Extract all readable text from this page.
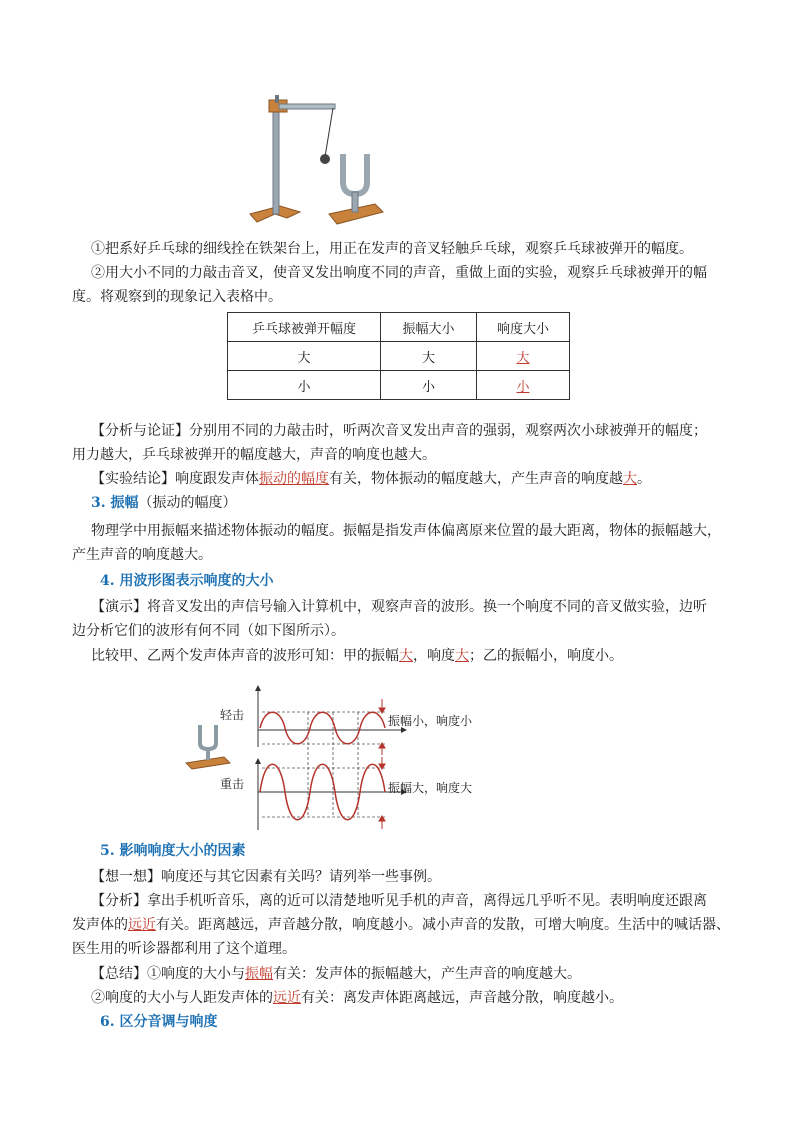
①把系好乒乓球的细线拴在铁架台上，用正在发声的音叉轻触乒乓球，观察乒乓球被弹开的幅度。
②用大小不同的力敲击音叉，使音叉发出响度不同的声音，重做上面的实验，观察乒乓球被弹开的幅
度。将观察到的现象记入表格中。
乒乓球被弹开幅度	振幅大小	响度大小
大	大	大
小	小	小
【分析与论证】分别用不同的力敲击时，听两次音叉发出声音的强弱，观察两次小球被弹开的幅度；
用力越大，乒乓球被弹开的幅度越大，声音的响度也越大。
【实验结论】响度跟发声体振动的幅度有关，物体振动的幅度越大，产生声音的响度越大。
3. 振幅（振动的幅度）
物理学中用振幅来描述物体振动的幅度。振幅是指发声体偏离原来位置的最大距离，物体的振幅越大，
产生声音的响度越大。
4. 用波形图表示响度的大小
【演示】将音叉发出的声信号输入计算机中，观察声音的波形。换一个响度不同的音叉做实验，边听
边分析它们的波形有何不同（如下图所示）。
比较甲、乙两个发声体声音的波形可知：甲的振幅大，响度大；乙的振幅小，响度小。
轻击
重击
振幅小，响度小
振幅大，响度大
5. 影响响度大小的因素
【想一想】响度还与其它因素有关吗？请列举一些事例。
【分析】拿出手机听音乐，离的近可以清楚地听见手机的声音，离得远几乎听不见。表明响度还跟离
发声体的远近有关。距离越远，声音越分散，响度越小。减小声音的发散，可增大响度。生活中的喊话器、
医生用的听诊器都利用了这个道理。
【总结】①响度的大小与振幅有关：发声体的振幅越大，产生声音的响度越大。
②响度的大小与人距发声体的远近有关：离发声体距离越远，声音越分散，响度越小。
6. 区分音调与响度
